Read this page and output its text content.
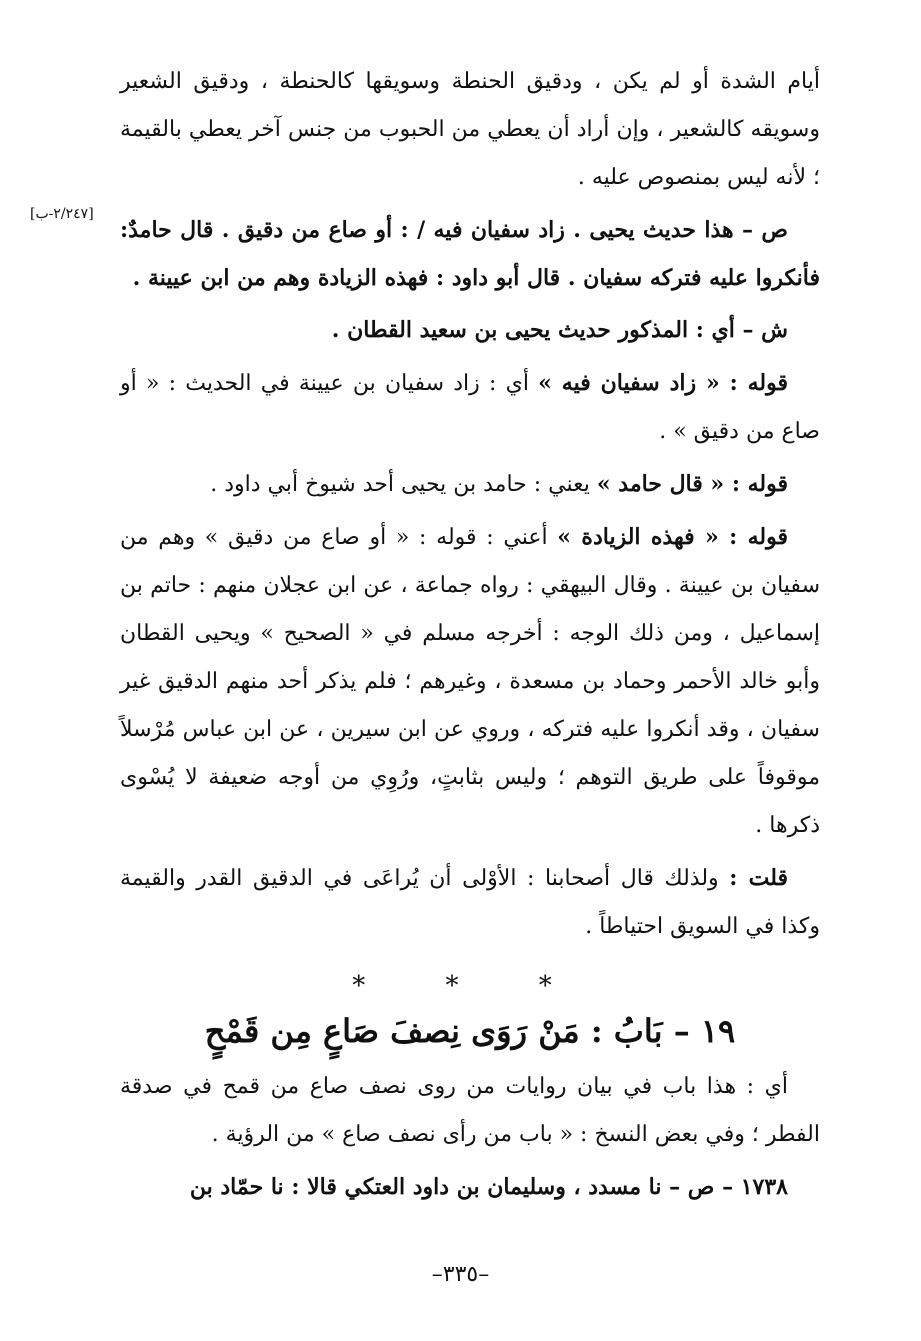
[٢/٢٤٧-ب]

أيام الشدة أو لم يكن ، ودقيق الحنطة وسويقها كالحنطة ، ودقيق الشعير وسويقه كالشعير ، وإن أراد أن يعطي من الحبوب من جنس آخر يعطي بالقيمة ؛ لأنه ليس بمنصوص عليه .

ص – هذا حديث يحيى . زاد سفيان فيه / : أو صاع من دقيق . قال حامدٌ: فأنكروا عليه فتركه سفيان . قال أبو داود : فهذه الزيادة وهم من ابن عيينة .

ش – أي : المذكور حديث يحيى بن سعيد القطان .

قوله : « زاد سفيان فيه » أي : زاد سفيان بن عيينة في الحديث : « أو صاع من دقيق » .

قوله : « قال حامد » يعني : حامد بن يحيى أحد شيوخ أبي داود .

قوله : « فهذه الزيادة » أعني : قوله : « أو صاع من دقيق » وهم من سفيان بن عيينة . وقال البيهقي : رواه جماعة ، عن ابن عجلان منهم : حاتم بن إسماعيل ، ومن ذلك الوجه : أخرجه مسلم في « الصحيح » ويحيى القطان وأبو خالد الأحمر وحماد بن مسعدة ، وغيرهم ؛ فلم يذكر أحد منهم الدقيق غير سفيان ، وقد أنكروا عليه فتركه ، وروي عن ابن سيرين ، عن ابن عباس مُرْسلاً موقوفاً على طريق التوهم ؛ وليس بثابتٍ، ورُوِي من أوجه ضعيفة لا يُسْوى ذكرها .

قلت : ولذلك قال أصحابنا : الأوْلى أن يُراعَى في الدقيق القدر والقيمة وكذا في السويق احتياطاً .

* * *
١٩ – بَابُ : مَنْ رَوَى نِصفَ صَاعٍ مِن قَمْحٍ

أي : هذا باب في بيان روايات من روى نصف صاع من قمح في صدقة الفطر ؛ وفي بعض النسخ : « باب من رأى نصف صاع » من الرؤية .

١٧٣٨ – ص – نا مسدد ، وسليمان بن داود العتكي قالا : نا حمّاد بن

–٣٣٥–
